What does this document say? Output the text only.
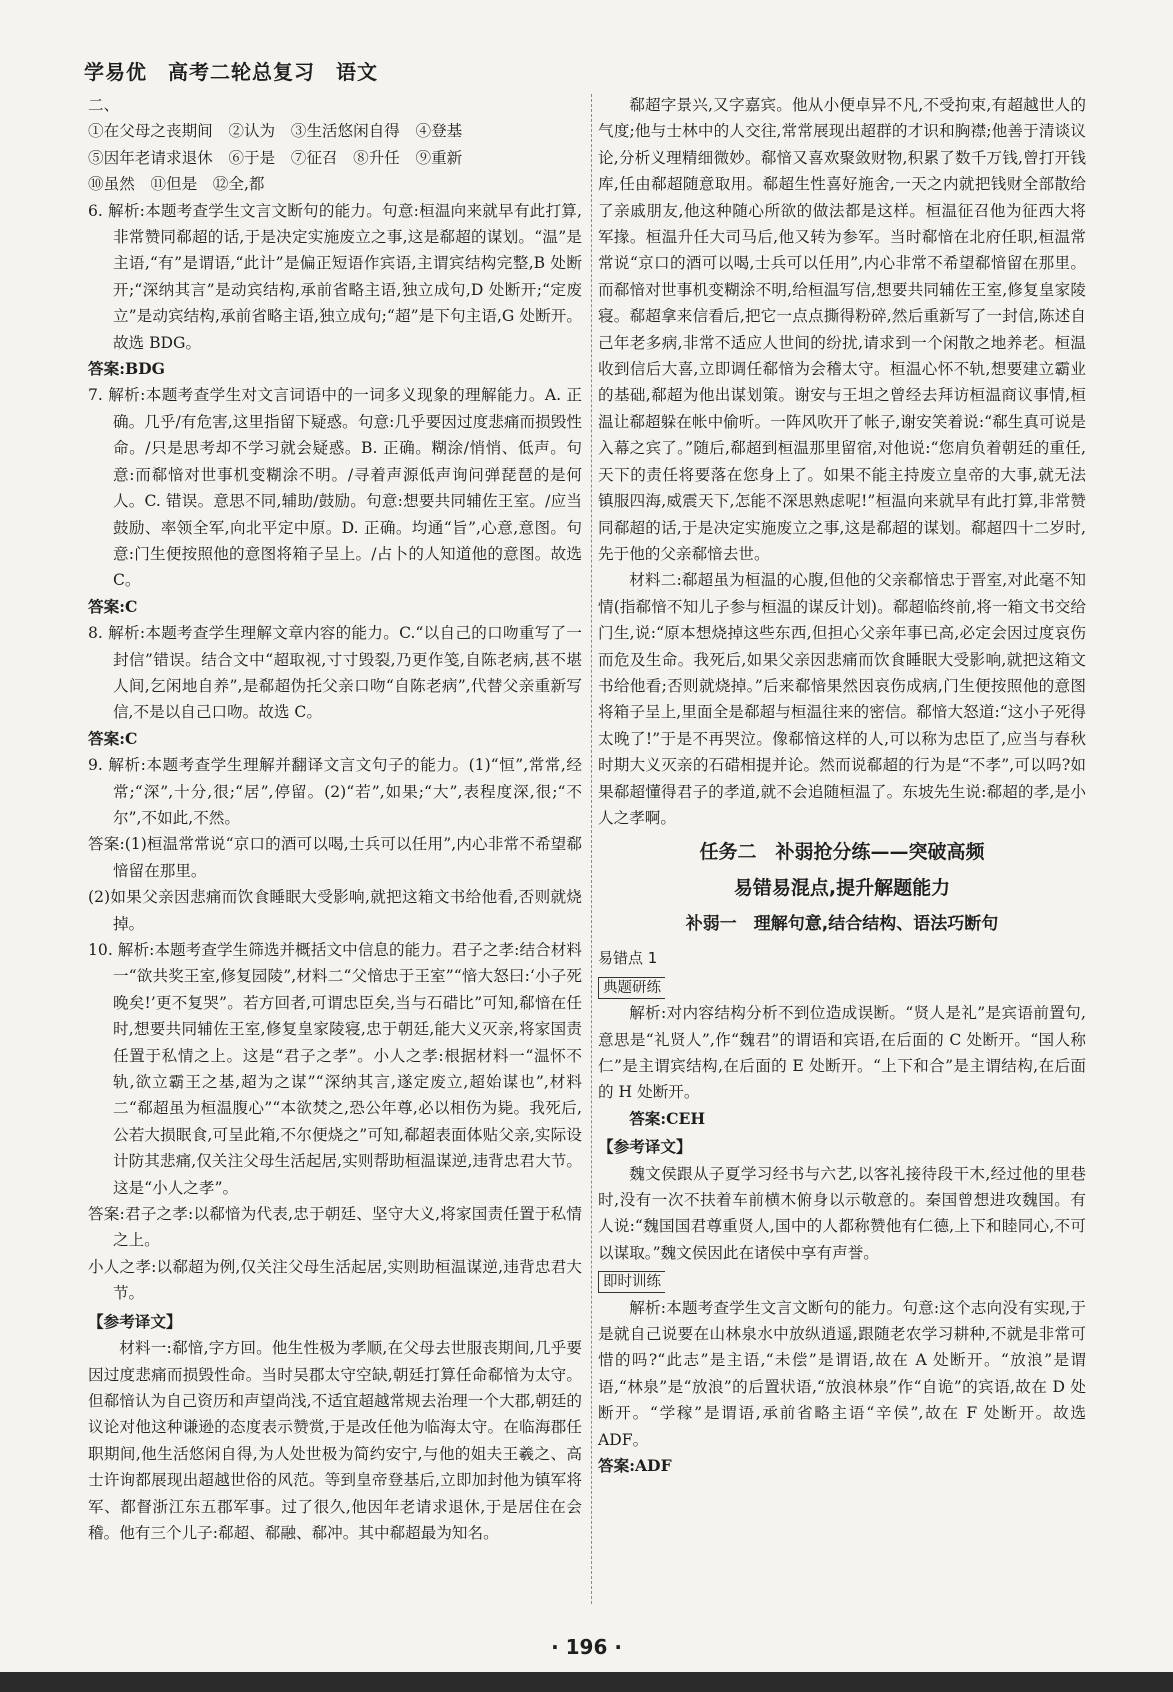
学易优　高考二轮总复习　语文

二、

①在父母之丧期间　②认为　③生活悠闲自得　④登基

⑤因年老请求退休　⑥于是　⑦征召　⑧升任　⑨重新

⑩虽然　⑪但是　⑫全,都

6. 解析:本题考查学生文言文断句的能力。句意:桓温向来就早有此打算,非常赞同郗超的话,于是决定实施废立之事,这是郗超的谋划。“温”是主语,“有”是谓语,“此计”是偏正短语作宾语,主谓宾结构完整,B 处断开;“深纳其言”是动宾结构,承前省略主语,独立成句,D 处断开;“定废立”是动宾结构,承前省略主语,独立成句;“超”是下句主语,G 处断开。故选 BDG。

答案:BDG

7. 解析:本题考查学生对文言词语中的一词多义现象的理解能力。A. 正确。几乎/有危害,这里指留下疑惑。句意:几乎要因过度悲痛而损毁性命。/只是思考却不学习就会疑惑。B. 正确。糊涂/悄悄、低声。句意:而郗愔对世事机变糊涂不明。/寻着声源低声询问弹琵琶的是何人。C. 错误。意思不同,辅助/鼓励。句意:想要共同辅佐王室。/应当鼓励、率领全军,向北平定中原。D. 正确。均通“旨”,心意,意图。句意:门生便按照他的意图将箱子呈上。/占卜的人知道他的意图。故选 C。

答案:C

8. 解析:本题考查学生理解文章内容的能力。C.“以自己的口吻重写了一封信”错误。结合文中“超取视,寸寸毁裂,乃更作笺,自陈老病,甚不堪人间,乞闲地自养”,是郗超伪托父亲口吻“自陈老病”,代替父亲重新写信,不是以自己口吻。故选 C。

答案:C

9. 解析:本题考查学生理解并翻译文言文句子的能力。(1)“恒”,常常,经常;“深”,十分,很;“居”,停留。(2)“若”,如果;“大”,表程度深,很;“不尔”,不如此,不然。

答案:(1)桓温常常说“京口的酒可以喝,士兵可以任用”,内心非常不希望郗愔留在那里。

(2)如果父亲因悲痛而饮食睡眠大受影响,就把这箱文书给他看,否则就烧掉。

10. 解析:本题考查学生筛选并概括文中信息的能力。君子之孝:结合材料一“欲共奖王室,修复园陵”,材料二“父愔忠于王室”“愔大怒曰:‘小子死晚矣!’更不复哭”。若方回者,可谓忠臣矣,当与石碏比”可知,郗愔在任时,想要共同辅佐王室,修复皇家陵寝,忠于朝廷,能大义灭亲,将家国责任置于私情之上。这是“君子之孝”。小人之孝:根据材料一“温怀不轨,欲立霸王之基,超为之谋”“深纳其言,遂定废立,超始谋也”,材料二“郗超虽为桓温腹心”“本欲焚之,恐公年尊,必以相伤为毙。我死后,公若大损眠食,可呈此箱,不尔便烧之”可知,郗超表面体贴父亲,实际设计防其悲痛,仅关注父母生活起居,实则帮助桓温谋逆,违背忠君大节。这是“小人之孝”。

答案:君子之孝:以郗愔为代表,忠于朝廷、坚守大义,将家国责任置于私情之上。

小人之孝:以郗超为例,仅关注父母生活起居,实则助桓温谋逆,违背忠君大节。

【参考译文】

材料一:郗愔,字方回。他生性极为孝顺,在父母去世服丧期间,几乎要因过度悲痛而损毁性命。当时吴郡太守空缺,朝廷打算任命郗愔为太守。但郗愔认为自己资历和声望尚浅,不适宜超越常规去治理一个大郡,朝廷的议论对他这种谦逊的态度表示赞赏,于是改任他为临海太守。在临海郡任职期间,他生活悠闲自得,为人处世极为简约安宁,与他的姐夫王羲之、高士许询都展现出超越世俗的风范。等到皇帝登基后,立即加封他为镇军将军、都督浙江东五郡军事。过了很久,他因年老请求退休,于是居住在会稽。他有三个儿子:郗超、郗融、郗冲。其中郗超最为知名。

郗超字景兴,又字嘉宾。他从小便卓异不凡,不受拘束,有超越世人的气度;他与士林中的人交往,常常展现出超群的才识和胸襟;他善于清谈议论,分析义理精细微妙。郗愔又喜欢聚敛财物,积累了数千万钱,曾打开钱库,任由郗超随意取用。郗超生性喜好施舍,一天之内就把钱财全部散给了亲戚朋友,他这种随心所欲的做法都是这样。桓温征召他为征西大将军掾。桓温升任大司马后,他又转为参军。当时郗愔在北府任职,桓温常常说“京口的酒可以喝,士兵可以任用”,内心非常不希望郗愔留在那里。而郗愔对世事机变糊涂不明,给桓温写信,想要共同辅佐王室,修复皇家陵寝。郗超拿来信看后,把它一点点撕得粉碎,然后重新写了一封信,陈述自己年老多病,非常不适应人世间的纷扰,请求到一个闲散之地养老。桓温收到信后大喜,立即调任郗愔为会稽太守。桓温心怀不轨,想要建立霸业的基础,郗超为他出谋划策。谢安与王坦之曾经去拜访桓温商议事情,桓温让郗超躲在帐中偷听。一阵风吹开了帐子,谢安笑着说:“郗生真可说是入幕之宾了。”随后,郗超到桓温那里留宿,对他说:“您肩负着朝廷的重任,天下的责任将要落在您身上了。如果不能主持废立皇帝的大事,就无法镇服四海,威震天下,怎能不深思熟虑呢!”桓温向来就早有此打算,非常赞同郗超的话,于是决定实施废立之事,这是郗超的谋划。郗超四十二岁时,先于他的父亲郗愔去世。

材料二:郗超虽为桓温的心腹,但他的父亲郗愔忠于晋室,对此毫不知情(指郗愔不知儿子参与桓温的谋反计划)。郗超临终前,将一箱文书交给门生,说:“原本想烧掉这些东西,但担心父亲年事已高,必定会因过度哀伤而危及生命。我死后,如果父亲因悲痛而饮食睡眠大受影响,就把这箱文书给他看;否则就烧掉。”后来郗愔果然因哀伤成病,门生便按照他的意图将箱子呈上,里面全是郗超与桓温往来的密信。郗愔大怒道:“这小子死得太晚了!”于是不再哭泣。像郗愔这样的人,可以称为忠臣了,应当与春秋时期大义灭亲的石碏相提并论。然而说郗超的行为是“不孝”,可以吗?如果郗超懂得君子的孝道,就不会追随桓温了。东坡先生说:郗超的孝,是小人之孝啊。

任务二　补弱抢分练——突破高频
易错易混点,提升解题能力
补弱一　理解句意,结合结构、语法巧断句

易错点 1

典题研练

解析:对内容结构分析不到位造成误断。“贤人是礼”是宾语前置句,意思是“礼贤人”,作“魏君”的谓语和宾语,在后面的 C 处断开。“国人称仁”是主谓宾结构,在后面的 E 处断开。“上下和合”是主谓结构,在后面的 H 处断开。

答案:CEH

【参考译文】

魏文侯跟从子夏学习经书与六艺,以客礼接待段干木,经过他的里巷时,没有一次不扶着车前横木俯身以示敬意的。秦国曾想进攻魏国。有人说:“魏国国君尊重贤人,国中的人都称赞他有仁德,上下和睦同心,不可以谋取。”魏文侯因此在诸侯中享有声誉。

即时训练

解析:本题考查学生文言文断句的能力。句意:这个志向没有实现,于是就自己说要在山林泉水中放纵逍遥,跟随老农学习耕种,不就是非常可惜的吗?“此志”是主语,“未偿”是谓语,故在 A 处断开。“放浪”是谓语,“林泉”是“放浪”的后置状语,“放浪林泉”作“自诡”的宾语,故在 D 处断开。“学稼”是谓语,承前省略主语“辛侯”,故在 F 处断开。故选 ADF。

答案:ADF

· 196 ·
